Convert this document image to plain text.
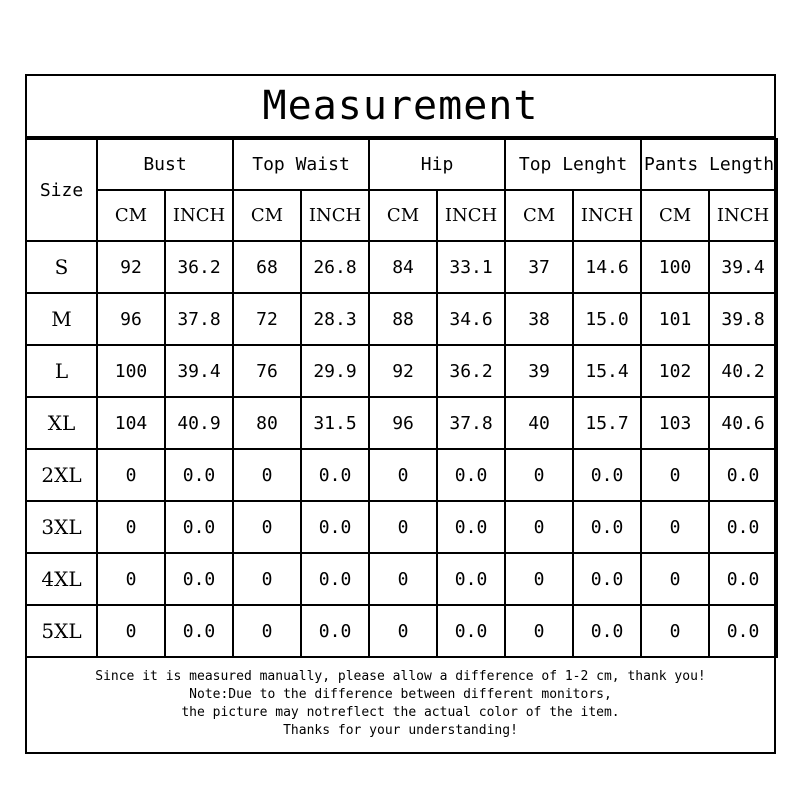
Measurement
Size	Bust		Top Waist		Hip		Top Lenght		Pants Length	
	CM	INCH	CM	INCH	CM	INCH	CM	INCH	CM	INCH
S	92	36.2	68	26.8	84	33.1	37	14.6	100	39.4
M	96	37.8	72	28.3	88	34.6	38	15.0	101	39.8
L	100	39.4	76	29.9	92	36.2	39	15.4	102	40.2
XL	104	40.9	80	31.5	96	37.8	40	15.7	103	40.6
2XL	0	0.0	0	0.0	0	0.0	0	0.0	0	0.0
3XL	0	0.0	0	0.0	0	0.0	0	0.0	0	0.0
4XL	0	0.0	0	0.0	0	0.0	0	0.0	0	0.0
5XL	0	0.0	0	0.0	0	0.0	0	0.0	0	0.0
Since it is measured manually, please allow a difference of 1-2 cm, thank you!
Note:Due to the difference between different monitors,
the picture may notreflect the actual color of the item.
Thanks for your understanding!
